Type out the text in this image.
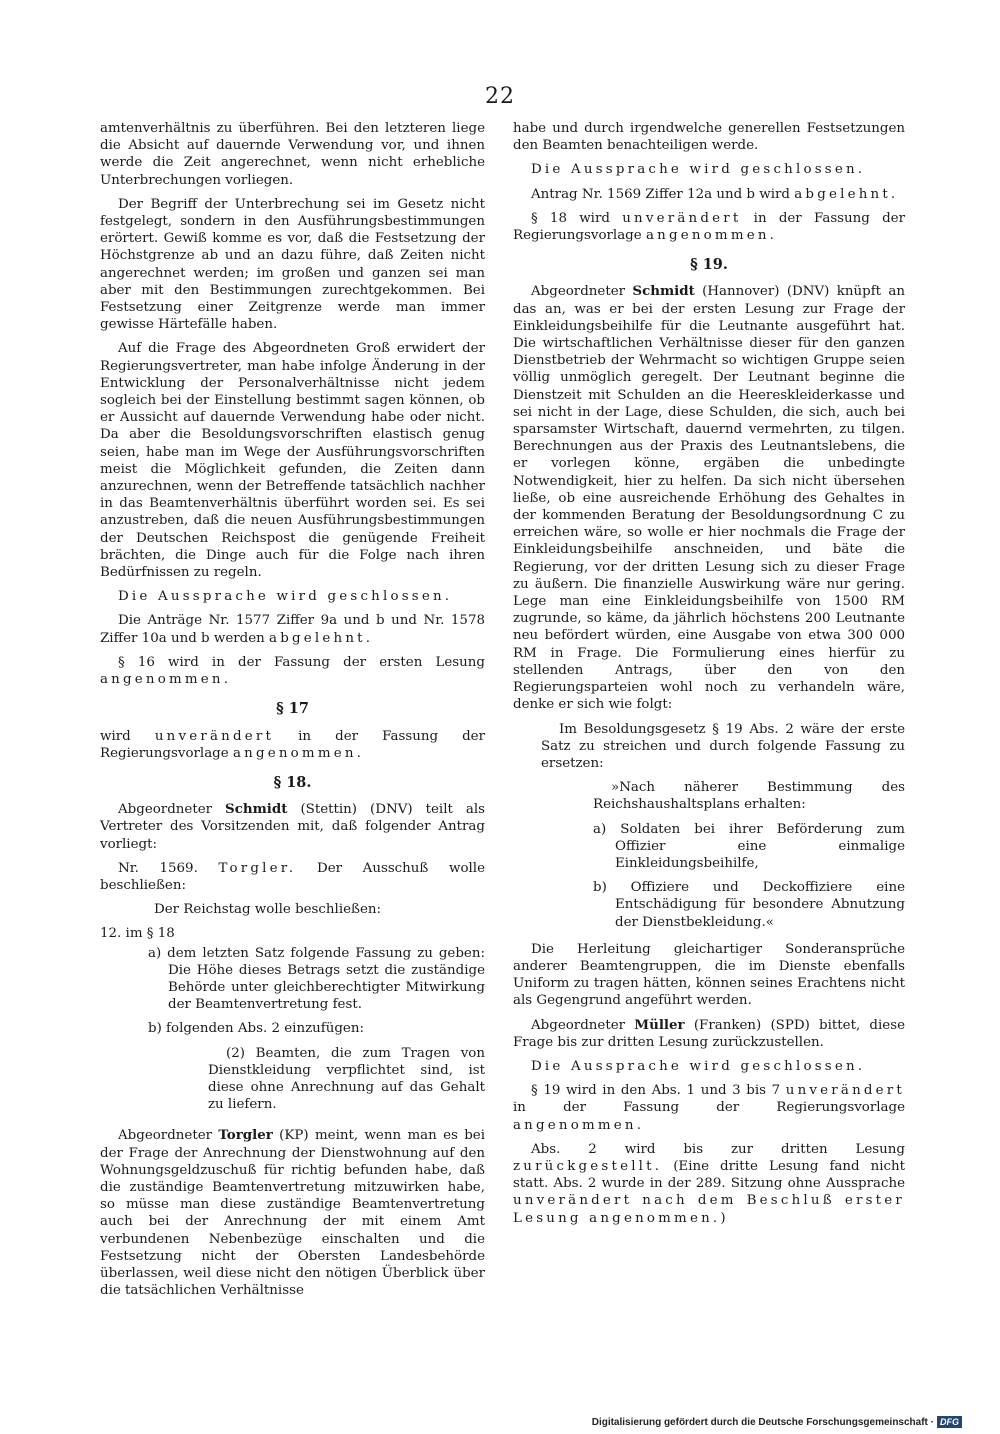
22

amtenverhältnis zu überführen. Bei den letzteren liege die Absicht auf dauernde Verwendung vor, und ihnen werde die Zeit angerechnet, wenn nicht erhebliche Unterbrechungen vorliegen.

Der Begriff der Unterbrechung sei im Gesetz nicht festgelegt, sondern in den Ausführungsbestimmungen erörtert. Gewiß komme es vor, daß die Festsetzung der Höchstgrenze ab und an dazu führe, daß Zeiten nicht angerechnet werden; im großen und ganzen sei man aber mit den Bestimmungen zurechtgekommen. Bei Festsetzung einer Zeitgrenze werde man immer gewisse Härtefälle haben.

Auf die Frage des Abgeordneten Groß erwidert der Regierungsvertreter, man habe infolge Änderung in der Entwicklung der Personalverhältnisse nicht jedem sogleich bei der Einstellung bestimmt sagen können, ob er Aussicht auf dauernde Verwendung habe oder nicht. Da aber die Besoldungsvorschriften elastisch genug seien, habe man im Wege der Ausführungsvorschriften meist die Möglichkeit gefunden, die Zeiten dann anzurechnen, wenn der Betreffende tatsächlich nachher in das Beamtenverhältnis überführt worden sei. Es sei anzustreben, daß die neuen Ausführungsbestimmungen der Deutschen Reichspost die genügende Freiheit brächten, die Dinge auch für die Folge nach ihren Bedürfnissen zu regeln.

Die Aussprache wird geschlossen.

Die Anträge Nr. 1577 Ziffer 9a und b und Nr. 1578 Ziffer 10a und b werden abgelehnt.

§ 16 wird in der Fassung der ersten Lesung angenommen.

§ 17

wird unverändert in der Fassung der Regierungsvorlage angenommen.

§ 18.

Abgeordneter Schmidt (Stettin) (DNV) teilt als Vertreter des Vorsitzenden mit, daß folgender Antrag vorliegt:

Nr. 1569. Torgler. Der Ausschuß wolle beschließen:

Der Reichstag wolle beschließen:

12. im § 18

a) dem letzten Satz folgende Fassung zu geben: Die Höhe dieses Betrags setzt die zuständige Behörde unter gleichberechtigter Mitwirkung der Beamtenvertretung fest.

b) folgenden Abs. 2 einzufügen:

(2) Beamten, die zum Tragen von Dienstkleidung verpflichtet sind, ist diese ohne Anrechnung auf das Gehalt zu liefern.

Abgeordneter Torgler (KP) meint, wenn man es bei der Frage der Anrechnung der Dienstwohnung auf den Wohnungsgeldzuschuß für richtig befunden habe, daß die zuständige Beamtenvertretung mitzuwirken habe, so müsse man diese zuständige Beamtenvertretung auch bei der Anrechnung der mit einem Amt verbundenen Nebenbezüge einschalten und die Festsetzung nicht der Obersten Landesbehörde überlassen, weil diese nicht den nötigen Überblick über die tatsächlichen Verhältnisse

habe und durch irgendwelche generellen Festsetzungen den Beamten benachteiligen werde.

Die Aussprache wird geschlossen.

Antrag Nr. 1569 Ziffer 12a und b wird abgelehnt.

§ 18 wird unverändert in der Fassung der Regierungsvorlage angenommen.

§ 19.

Abgeordneter Schmidt (Hannover) (DNV) knüpft an das an, was er bei der ersten Lesung zur Frage der Einkleidungsbeihilfe für die Leutnante ausgeführt hat. Die wirtschaftlichen Verhältnisse dieser für den ganzen Dienstbetrieb der Wehrmacht so wichtigen Gruppe seien völlig unmöglich geregelt. Der Leutnant beginne die Dienstzeit mit Schulden an die Heereskleiderkasse und sei nicht in der Lage, diese Schulden, die sich, auch bei sparsamster Wirtschaft, dauernd vermehrten, zu tilgen. Berechnungen aus der Praxis des Leutnantslebens, die er vorlegen könne, ergäben die unbedingte Notwendigkeit, hier zu helfen. Da sich nicht übersehen ließe, ob eine ausreichende Erhöhung des Gehaltes in der kommenden Beratung der Besoldungsordnung C zu erreichen wäre, so wolle er hier nochmals die Frage der Einkleidungsbeihilfe anschneiden, und bäte die Regierung, vor der dritten Lesung sich zu dieser Frage zu äußern. Die finanzielle Auswirkung wäre nur gering. Lege man eine Einkleidungsbeihilfe von 1500 RM zugrunde, so käme, da jährlich höchstens 200 Leutnante neu befördert würden, eine Ausgabe von etwa 300 000 RM in Frage. Die Formulierung eines hierfür zu stellenden Antrags, über den von den Regierungsparteien wohl noch zu verhandeln wäre, denke er sich wie folgt:

Im Besoldungsgesetz § 19 Abs. 2 wäre der erste Satz zu streichen und durch folgende Fassung zu ersetzen:

»Nach näherer Bestimmung des Reichshaushaltsplans erhalten:

a) Soldaten bei ihrer Beförderung zum Offizier eine einmalige Einkleidungsbeihilfe,

b) Offiziere und Deckoffiziere eine Entschädigung für besondere Abnutzung der Dienstbekleidung.«

Die Herleitung gleichartiger Sonderansprüche anderer Beamtengruppen, die im Dienste ebenfalls Uniform zu tragen hätten, können seines Erachtens nicht als Gegengrund angeführt werden.

Abgeordneter Müller (Franken) (SPD) bittet, diese Frage bis zur dritten Lesung zurückzustellen.

Die Aussprache wird geschlossen.

§ 19 wird in den Abs. 1 und 3 bis 7 unverändert in der Fassung der Regierungsvorlage angenommen.

Abs. 2 wird bis zur dritten Lesung zurückgestellt. (Eine dritte Lesung fand nicht statt. Abs. 2 wurde in der 289. Sitzung ohne Aussprache unverändert nach dem Beschluß erster Lesung angenommen.)

Digitalisierung gefördert durch die Deutsche Forschungsgemeinschaft · DFG
